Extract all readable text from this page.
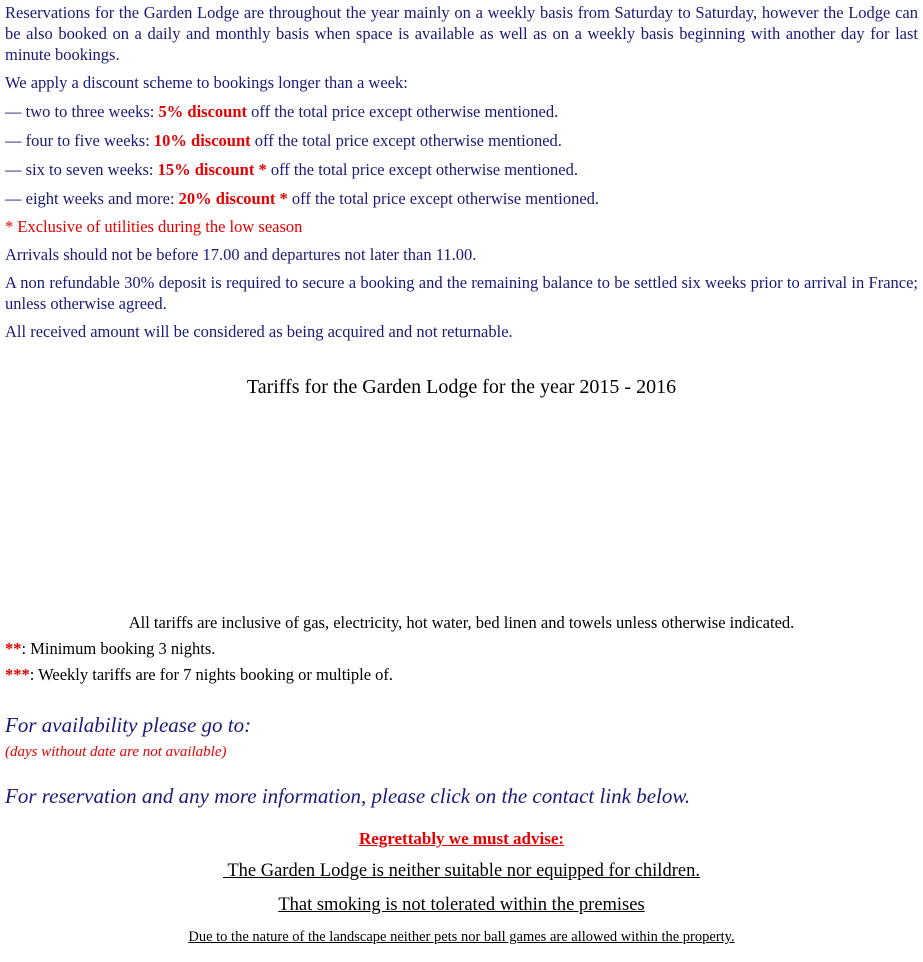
Reservations for the Garden Lodge are throughout the year mainly on a weekly basis from Saturday to Saturday, however the Lodge can be also booked on a daily and monthly basis when space is available as well as on a weekly basis beginning with another day for last minute bookings.

We apply a discount scheme to bookings longer than a week:

— two to three weeks: 5% discount off the total price except otherwise mentioned.

— four to five weeks: 10% discount off the total price except otherwise mentioned.

— six to seven weeks: 15% discount * off the total price except otherwise mentioned.

— eight weeks and more: 20% discount * off the total price except otherwise mentioned.

* Exclusive of utilities during the low season

Arrivals should not be before 17.00 and departures not later than 11.00.

A non refundable 30% deposit is required to secure a booking and the remaining balance to be settled six weeks prior to arrival in France; unless otherwise agreed.

All received amount will be considered as being acquired and not returnable.

Tariffs for the Garden Lodge for the year 2015 - 2016

All tariffs are inclusive of gas, electricity, hot water, bed linen and towels unless otherwise indicated.

**: Minimum booking 3 nights.

***: Weekly tariffs are for 7 nights booking or multiple of.

For availability please go to:

(days without date are not available)

For reservation and any more information, please click on the contact link below.

Regrettably we must advise:

The Garden Lodge is neither suitable nor equipped for children.

That smoking is not tolerated within the premises

Due to the nature of the landscape neither pets nor ball games are allowed within the property.
